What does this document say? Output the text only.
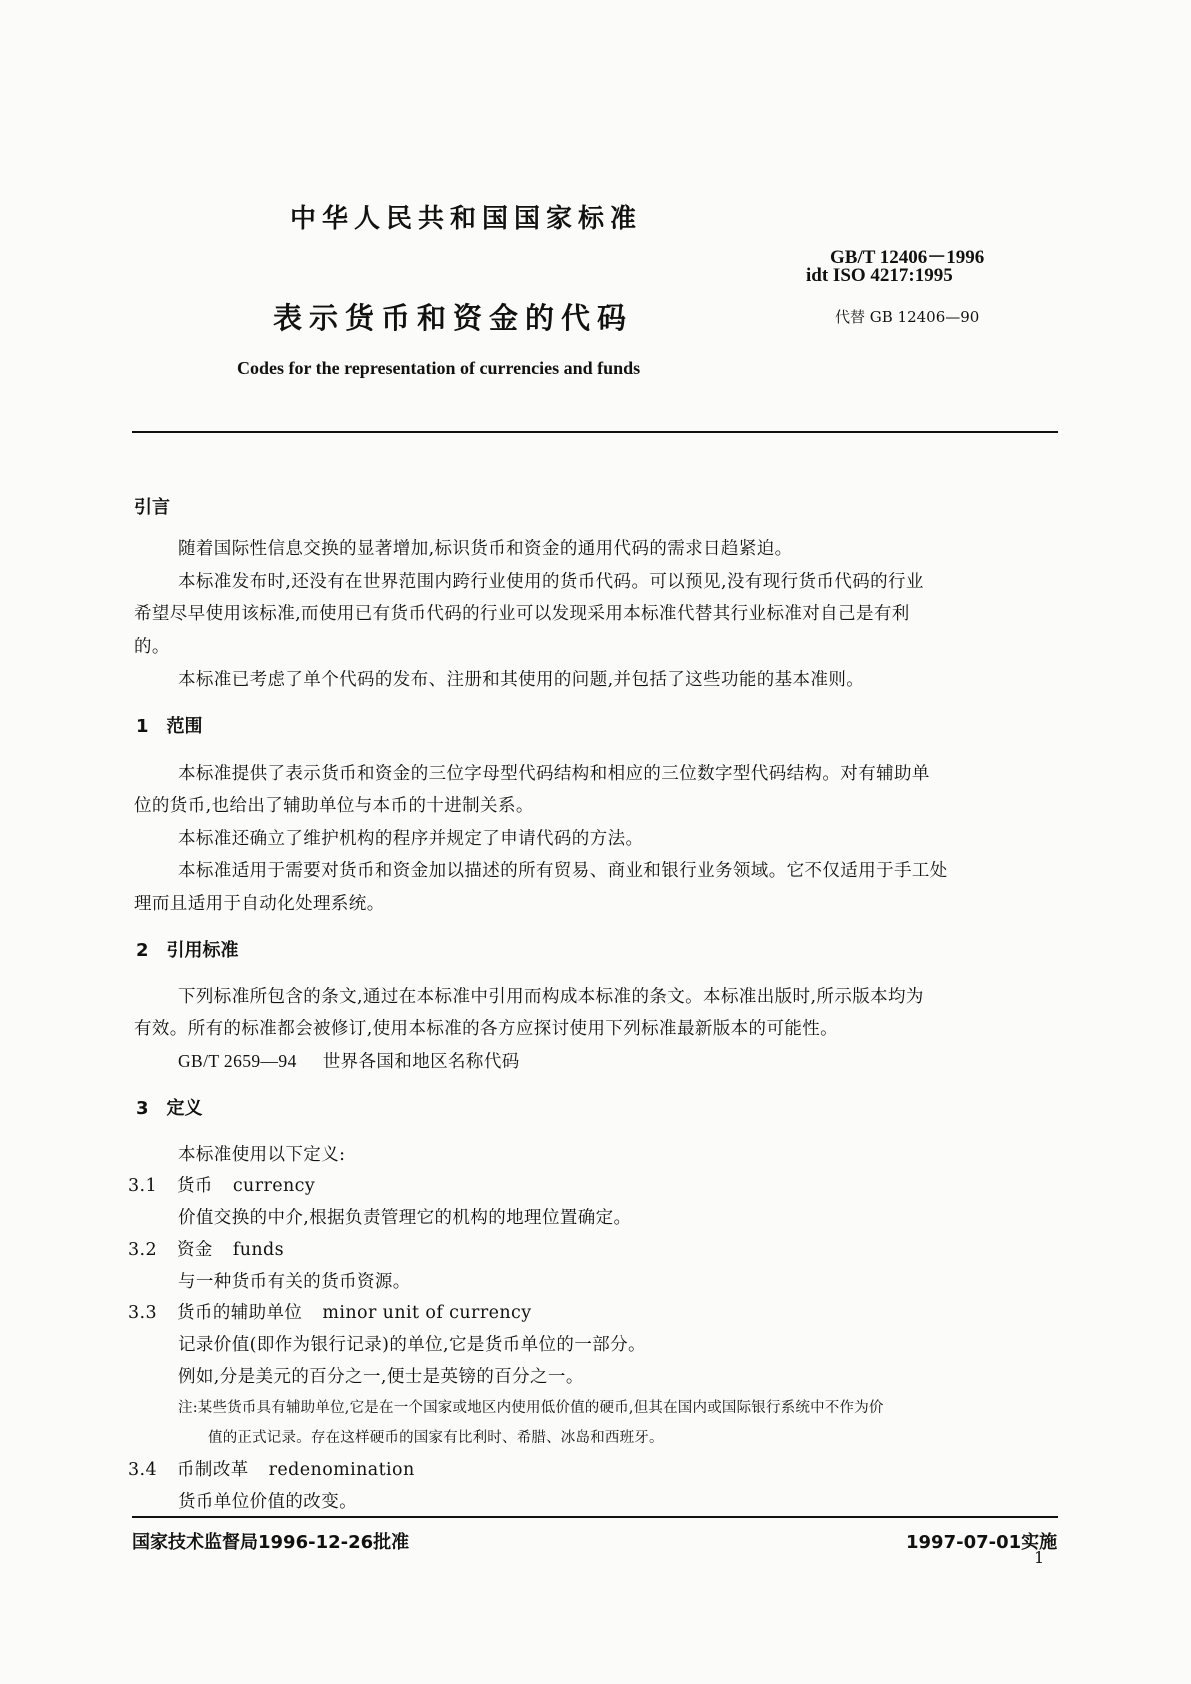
中华人民共和国国家标准
GB/T 12406－1996
idt ISO 4217:1995
表示货币和资金的代码	代替 GB 12406—90
Codes for the representation of currencies and funds
引言
随着国际性信息交换的显著增加,标识货币和资金的通用代码的需求日趋紧迫。
本标准发布时,还没有在世界范围内跨行业使用的货币代码。可以预见,没有现行货币代码的行业
希望尽早使用该标准,而使用已有货币代码的行业可以发现采用本标准代替其行业标准对自己是有利
的。
本标准已考虑了单个代码的发布、注册和其使用的问题,并包括了这些功能的基本准则。
1 范围
本标准提供了表示货币和资金的三位字母型代码结构和相应的三位数字型代码结构。对有辅助单
位的货币,也给出了辅助单位与本币的十进制关系。
本标准还确立了维护机构的程序并规定了申请代码的方法。
本标准适用于需要对货币和资金加以描述的所有贸易、商业和银行业务领域。它不仅适用于手工处
理而且适用于自动化处理系统。
2 引用标准
下列标准所包含的条文,通过在本标准中引用而构成本标准的条文。本标准出版时,所示版本均为
有效。所有的标准都会被修订,使用本标准的各方应探讨使用下列标准最新版本的可能性。
GB/T 2659—94 世界各国和地区名称代码
3 定义
本标准使用以下定义:
3.1 货币 currency
价值交换的中介,根据负责管理它的机构的地理位置确定。
3.2 资金 funds
与一种货币有关的货币资源。
3.3 货币的辅助单位 minor unit of currency
记录价值(即作为银行记录)的单位,它是货币单位的一部分。
例如,分是美元的百分之一,便士是英镑的百分之一。
注:某些货币具有辅助单位,它是在一个国家或地区内使用低价值的硬币,但其在国内或国际银行系统中不作为价
值的正式记录。存在这样硬币的国家有比利时、希腊、冰岛和西班牙。
3.4 币制改革 redenomination
货币单位价值的改变。
国家技术监督局1996-12-26批准	1997-07-01实施
1
